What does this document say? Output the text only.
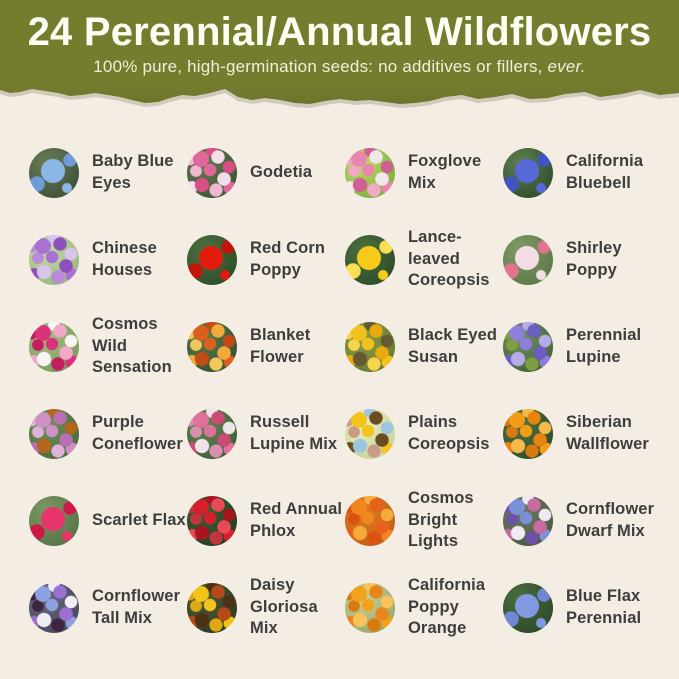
24 Perennial/Annual Wildflowers

100% pure, high-germination seeds: no additives or fillers, ever.

Baby Blue Eyes
Godetia
Foxglove Mix
California Bluebell
Chinese Houses
Red Corn Poppy
Lance-leaved Coreopsis
Shirley Poppy
Cosmos Wild Sensation
Blanket Flower
Black Eyed Susan
Perennial Lupine
Purple Coneflower
Russell Lupine Mix
Plains Coreopsis
Siberian Wallflower
Scarlet Flax
Red Annual Phlox
Cosmos Bright Lights
Cornflower Dwarf Mix
Cornflower Tall Mix
Daisy Gloriosa Mix
California Poppy Orange
Blue Flax Perennial
